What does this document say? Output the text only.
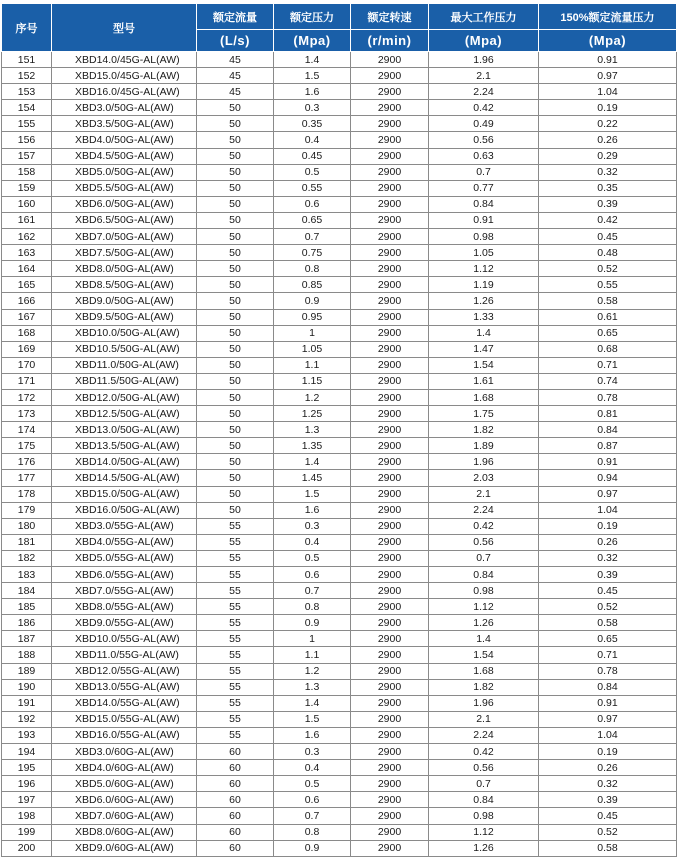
序号	型号	额定流量	额定压力	额定转速	最大工作压力	150%额定流量压力
		(L/s)	(Mpa)	(r/min)	(Mpa)	(Mpa)
151	XBD14.0/45G-AL(AW)	45	1.4	2900	1.96	0.91
152	XBD15.0/45G-AL(AW)	45	1.5	2900	2.1	0.97
153	XBD16.0/45G-AL(AW)	45	1.6	2900	2.24	1.04
154	XBD3.0/50G-AL(AW)	50	0.3	2900	0.42	0.19
155	XBD3.5/50G-AL(AW)	50	0.35	2900	0.49	0.22
156	XBD4.0/50G-AL(AW)	50	0.4	2900	0.56	0.26
157	XBD4.5/50G-AL(AW)	50	0.45	2900	0.63	0.29
158	XBD5.0/50G-AL(AW)	50	0.5	2900	0.7	0.32
159	XBD5.5/50G-AL(AW)	50	0.55	2900	0.77	0.35
160	XBD6.0/50G-AL(AW)	50	0.6	2900	0.84	0.39
161	XBD6.5/50G-AL(AW)	50	0.65	2900	0.91	0.42
162	XBD7.0/50G-AL(AW)	50	0.7	2900	0.98	0.45
163	XBD7.5/50G-AL(AW)	50	0.75	2900	1.05	0.48
164	XBD8.0/50G-AL(AW)	50	0.8	2900	1.12	0.52
165	XBD8.5/50G-AL(AW)	50	0.85	2900	1.19	0.55
166	XBD9.0/50G-AL(AW)	50	0.9	2900	1.26	0.58
167	XBD9.5/50G-AL(AW)	50	0.95	2900	1.33	0.61
168	XBD10.0/50G-AL(AW)	50	1	2900	1.4	0.65
169	XBD10.5/50G-AL(AW)	50	1.05	2900	1.47	0.68
170	XBD11.0/50G-AL(AW)	50	1.1	2900	1.54	0.71
171	XBD11.5/50G-AL(AW)	50	1.15	2900	1.61	0.74
172	XBD12.0/50G-AL(AW)	50	1.2	2900	1.68	0.78
173	XBD12.5/50G-AL(AW)	50	1.25	2900	1.75	0.81
174	XBD13.0/50G-AL(AW)	50	1.3	2900	1.82	0.84
175	XBD13.5/50G-AL(AW)	50	1.35	2900	1.89	0.87
176	XBD14.0/50G-AL(AW)	50	1.4	2900	1.96	0.91
177	XBD14.5/50G-AL(AW)	50	1.45	2900	2.03	0.94
178	XBD15.0/50G-AL(AW)	50	1.5	2900	2.1	0.97
179	XBD16.0/50G-AL(AW)	50	1.6	2900	2.24	1.04
180	XBD3.0/55G-AL(AW)	55	0.3	2900	0.42	0.19
181	XBD4.0/55G-AL(AW)	55	0.4	2900	0.56	0.26
182	XBD5.0/55G-AL(AW)	55	0.5	2900	0.7	0.32
183	XBD6.0/55G-AL(AW)	55	0.6	2900	0.84	0.39
184	XBD7.0/55G-AL(AW)	55	0.7	2900	0.98	0.45
185	XBD8.0/55G-AL(AW)	55	0.8	2900	1.12	0.52
186	XBD9.0/55G-AL(AW)	55	0.9	2900	1.26	0.58
187	XBD10.0/55G-AL(AW)	55	1	2900	1.4	0.65
188	XBD11.0/55G-AL(AW)	55	1.1	2900	1.54	0.71
189	XBD12.0/55G-AL(AW)	55	1.2	2900	1.68	0.78
190	XBD13.0/55G-AL(AW)	55	1.3	2900	1.82	0.84
191	XBD14.0/55G-AL(AW)	55	1.4	2900	1.96	0.91
192	XBD15.0/55G-AL(AW)	55	1.5	2900	2.1	0.97
193	XBD16.0/55G-AL(AW)	55	1.6	2900	2.24	1.04
194	XBD3.0/60G-AL(AW)	60	0.3	2900	0.42	0.19
195	XBD4.0/60G-AL(AW)	60	0.4	2900	0.56	0.26
196	XBD5.0/60G-AL(AW)	60	0.5	2900	0.7	0.32
197	XBD6.0/60G-AL(AW)	60	0.6	2900	0.84	0.39
198	XBD7.0/60G-AL(AW)	60	0.7	2900	0.98	0.45
199	XBD8.0/60G-AL(AW)	60	0.8	2900	1.12	0.52
200	XBD9.0/60G-AL(AW)	60	0.9	2900	1.26	0.58
